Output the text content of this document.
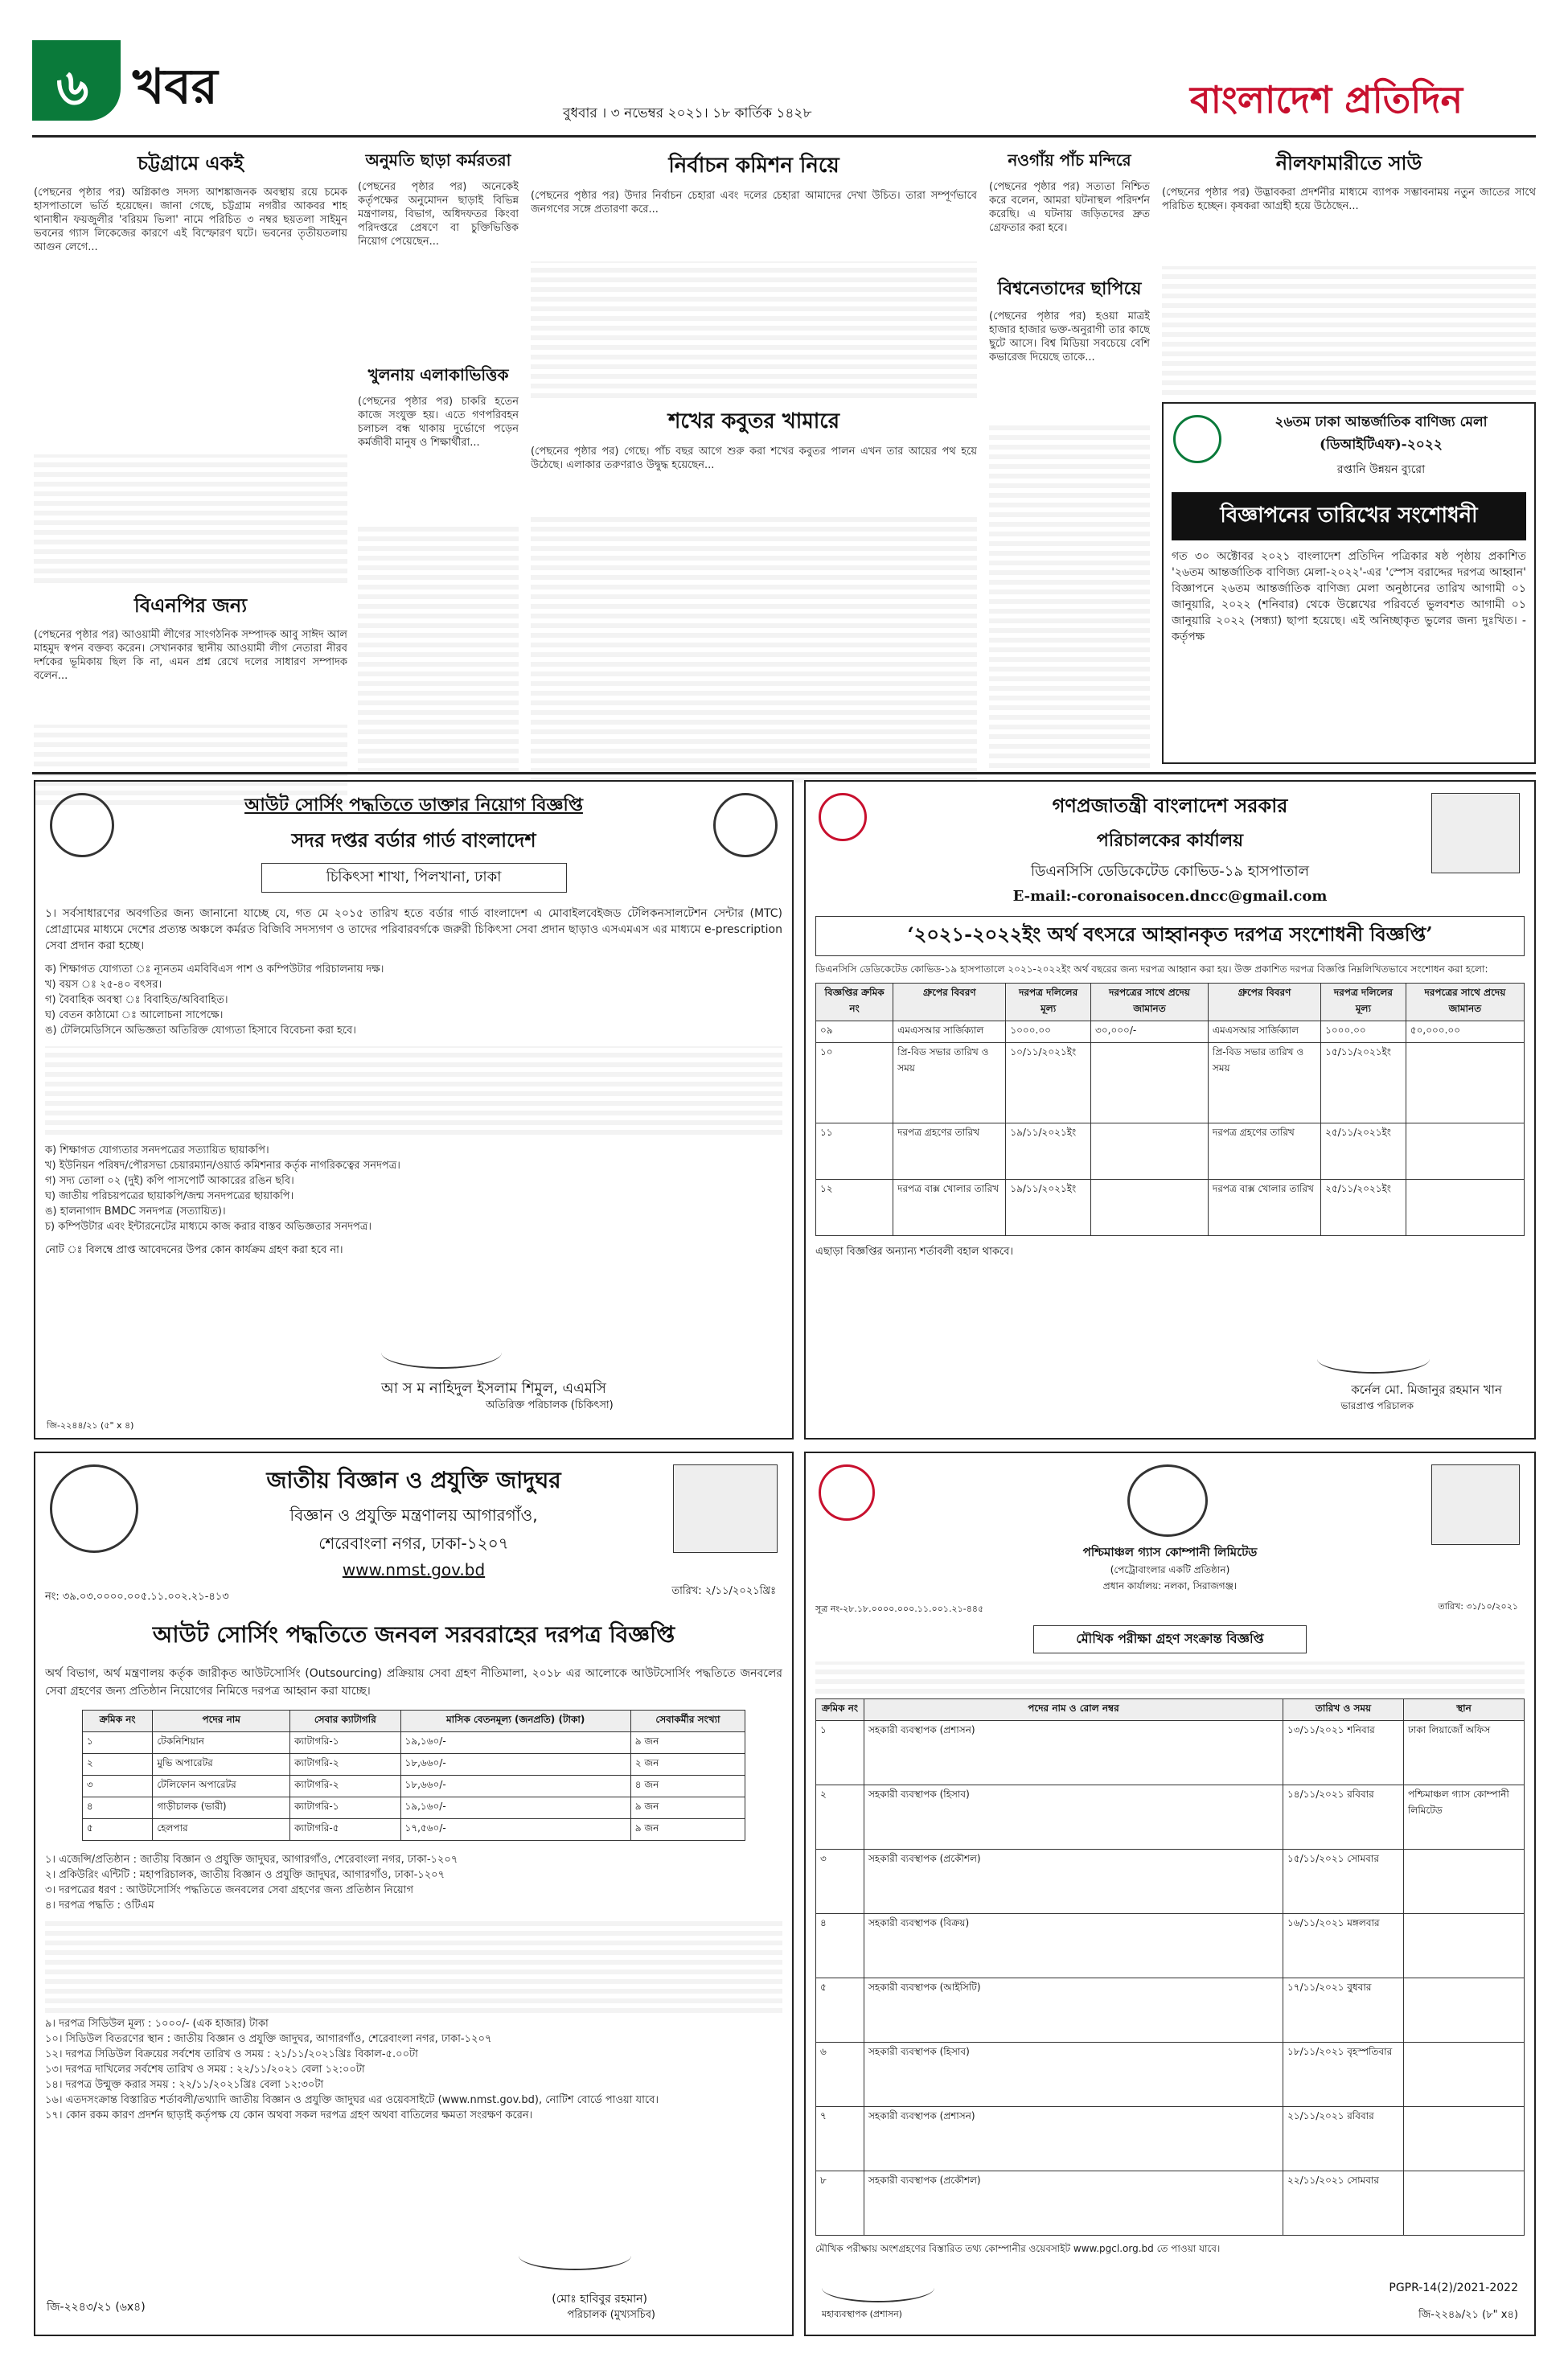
৬ খবর	বুধবার । ৩ নভেম্বর ২০২১। ১৮ কার্তিক ১৪২৮	বাংলাদেশ প্রতিদিন
চট্টগ্রামে একই
(পেছনের পৃষ্ঠার পর) অগ্নিকাণ্ড সদস্য আশঙ্কাজনক অবস্থায় রয়ে চমেক হাসপাতালে ভর্তি হয়েছেন। জানা গেছে, চট্টগ্রাম নগরীর আকবর শাহ থানাধীন ফয়জুলীর 'বরিয়ম ভিলা' নামে পরিচিত ৩ নম্বর ছয়তলা সাইমুন ভবনের গ্যাস লিকেজের কারণে এই বিস্ফোরণ ঘটে। ভবনের তৃতীয়তলায় আগুন লেগে...
বিএনপির জন্য
(পেছনের পৃষ্ঠার পর) আওয়ামী লীগের সাংগঠনিক সম্পাদক আবু সাঈদ আল মাহমুদ স্বপন বক্তব্য করেন। সেখানকার স্থানীয় আওয়ামী লীগ নেতারা নীরব দর্শকের ভূমিকায় ছিল কি না, এমন প্রশ্ন রেখে দলের সাধারণ সম্পাদক বলেন...
অনুমতি ছাড়া কর্মরতরা
(পেছনের পৃষ্ঠার পর) অনেকেই কর্তৃপক্ষের অনুমোদন ছাড়াই বিভিন্ন মন্ত্রণালয়, বিভাগ, অধিদফতর কিংবা পরিদপ্তরে প্রেষণে বা চুক্তিভিত্তিক নিয়োগ পেয়েছেন...
খুলনায় এলাকাভিত্তিক
(পেছনের পৃষ্ঠার পর) চাকরি হতেন কাজে সংযুক্ত হয়। এতে গণপরিবহন চলাচল বন্ধ থাকায় দুর্ভোগে পড়েন কর্মজীবী মানুষ ও শিক্ষার্থীরা...
নির্বাচন কমিশন নিয়ে
(পেছনের পৃষ্ঠার পর) উদার নির্বাচন চেহারা এবং দলের চেহারা আমাদের দেখা উচিত। তারা সম্পূর্ণভাবে জনগণের সঙ্গে প্রতারণা করে...
শখের কবুতর খামারে
(পেছনের পৃষ্ঠার পর) গেছে। পাঁচ বছর আগে শুরু করা শখের কবুতর পালন এখন তার আয়ের পথ হয়ে উঠেছে। এলাকার তরুণরাও উদ্বুদ্ধ হয়েছেন...
নওগাঁয় পাঁচ মন্দিরে
(পেছনের পৃষ্ঠার পর) সত্যতা নিশ্চিত করে বলেন, আমরা ঘটনাস্থল পরিদর্শন করেছি। এ ঘটনায় জড়িতদের দ্রুত গ্রেফতার করা হবে।
বিশ্বনেতাদের ছাপিয়ে
(পেছনের পৃষ্ঠার পর) হওয়া মাত্রই হাজার হাজার ভক্ত-অনুরাগী তার কাছে ছুটে আসে। বিশ্ব মিডিয়া সবচেয়ে বেশি কভারেজ দিয়েছে তাকে...
নীলফামারীতে সাউ
(পেছনের পৃষ্ঠার পর) উদ্ভাবকরা প্রদর্শনীর মাধ্যমে ব্যাপক সম্ভাবনাময় নতুন জাতের সাথে পরিচিত হচ্ছেন। কৃষকরা আগ্রহী হয়ে উঠেছেন...
২৬তম ঢাকা আন্তর্জাতিক বাণিজ্য মেলা (ডিআইটিএফ)-২০২২
রপ্তানি উন্নয়ন ব্যুরো
বিজ্ঞাপনের তারিখের সংশোধনী
গত ৩০ অক্টোবর ২০২১ বাংলাদেশ প্রতিদিন পত্রিকার ষষ্ঠ পৃষ্ঠায় প্রকাশিত '২৬তম আন্তর্জাতিক বাণিজ্য মেলা-২০২২'-এর 'স্পেস বরাদ্দের দরপত্র আহ্বান' বিজ্ঞাপনে ২৬তম আন্তর্জাতিক বাণিজ্য মেলা অনুষ্ঠানের তারিখ আগামী ০১ জানুয়ারি, ২০২২ (শনিবার) থেকে উল্লেখের পরিবর্তে ভুলবশত আগামী ০১ জানুয়ারি ২০২২ (সন্ধ্যা) ছাপা হয়েছে। এই অনিচ্ছাকৃত ভুলের জন্য দুঃখিত। - কর্তৃপক্ষ
আউট সোর্সিং পদ্ধতিতে ডাক্তার নিয়োগ বিজ্ঞপ্তি
সদর দপ্তর বর্ডার গার্ড বাংলাদেশ
চিকিৎসা শাখা, পিলখানা, ঢাকা
১। সর্বসাধারণের অবগতির জন্য জানানো যাচ্ছে যে, গত মে ২০১৫ তারিখ হতে বর্ডার গার্ড বাংলাদেশ এ মোবাইলবেইজড টেলিকনসালটেশন সেন্টার (MTC) প্রোগ্রামের মাধ্যমে দেশের প্রত্যন্ত অঞ্চলে কর্মরত বিজিবি সদস্যগণ ও তাদের পরিবারবর্গকে জরুরী চিকিৎসা সেবা প্রদান ছাড়াও এসএমএস এর মাধ্যমে e-prescription সেবা প্রদান করা হচ্ছে।
ক) শিক্ষাগত যোগ্যতা ঃ ন্যূনতম এমবিবিএস পাশ ও কম্পিউটার পরিচালনায় দক্ষ।
খ) বয়স ঃ ২৫-৪০ বৎসর।
গ) বৈবাহিক অবস্থা ঃ বিবাহিত/অবিবাহিত।
ঘ) বেতন কাঠামো ঃ আলোচনা সাপেক্ষে।
ঙ) টেলিমেডিসিনে অভিজ্ঞতা অতিরিক্ত যোগ্যতা হিসাবে বিবেচনা করা হবে।
ক) শিক্ষাগত যোগ্যতার সনদপত্রের সত্যায়িত ছায়াকপি।
খ) ইউনিয়ন পরিষদ/পৌরসভা চেয়ারম্যান/ওয়ার্ড কমিশনার কর্তৃক নাগরিকত্বের সনদপত্র।
গ) সদ্য তোলা ০২ (দুই) কপি পাসপোর্ট আকারের রঙিন ছবি।
ঘ) জাতীয় পরিচয়পত্রের ছায়াকপি/জন্ম সনদপত্রের ছায়াকপি।
ঙ) হালনাগাদ BMDC সনদপত্র (সত্যায়িত)।
চ) কম্পিউটার এবং ইন্টারনেটের মাধ্যমে কাজ করার বাস্তব অভিজ্ঞতার সনদপত্র।
নোট ঃ বিলম্বে প্রাপ্ত আবেদনের উপর কোন কার্যক্রম গ্রহণ করা হবে না।
আ স ম নাহিদুল ইসলাম শিমুল, এএমসি
অতিরিক্ত পরিচালক (চিকিৎসা)
জি-২২৪৪/২১ (৫" x ৪)
গণপ্রজাতন্ত্রী বাংলাদেশ সরকার
পরিচালকের কার্যালয়
ডিএনসিসি ডেডিকেটেড কোভিড-১৯ হাসপাতাল
E-mail:-coronaisocen.dncc@gmail.com
‘২০২১-২০২২ইং অর্থ বৎসরে আহ্বানকৃত দরপত্র সংশোধনী বিজ্ঞপ্তি’
ডিএনসিসি ডেডিকেটেড কোভিড-১৯ হাসপাতালে ২০২১-২০২২ইং অর্থ বছরের জন্য দরপত্র আহ্বান করা হয়। উক্ত প্রকাশিত দরপত্র বিজ্ঞপ্তি নিম্নলিখিতভাবে সংশোধন করা হলো:
বিজ্ঞপ্তির ক্রমিক নং	গ্রুপের বিবরণ	দরপত্র দলিলের মূল্য	দরপত্রের সাথে প্রদেয় জামানত	গ্রুপের বিবরণ	দরপত্র দলিলের মূল্য	দরপত্রের সাথে প্রদেয় জামানত
০৯	এমএসআর সার্জিক্যাল	১০০০.০০	৩০,০০০/-	এমএসআর সার্জিক্যাল	১০০০.০০	৫০,০০০.০০
১০	প্রি-বিড সভার তারিখ ও সময়	১০/১১/২০২১ইং		প্রি-বিড সভার তারিখ ও সময়	১৫/১১/২০২১ইং	
১১	দরপত্র গ্রহণের তারিখ	১৯/১১/২০২১ইং		দরপত্র গ্রহণের তারিখ	২৫/১১/২০২১ইং	
১২	দরপত্র বাক্স খোলার তারিখ	১৯/১১/২০২১ইং		দরপত্র বাক্স খোলার তারিখ	২৫/১১/২০২১ইং	
এছাড়া বিজ্ঞপ্তির অন্যান্য শর্তাবলী বহাল থাকবে।
কর্নেল মো. মিজানুর রহমান খান
ভারপ্রাপ্ত পরিচালক
জাতীয় বিজ্ঞান ও প্রযুক্তি জাদুঘর
বিজ্ঞান ও প্রযুক্তি মন্ত্রণালয় আগারগাঁও,
শেরেবাংলা নগর, ঢাকা-১২০৭
www.nmst.gov.bd
নং: ৩৯.০৩.০০০০.০০৫.১১.০০২.২১-৪১৩	তারিখ: ২/১১/২০২১খ্রিঃ
আউট সোর্সিং পদ্ধতিতে জনবল সরবরাহের দরপত্র বিজ্ঞপ্তি
অর্থ বিভাগ, অর্থ মন্ত্রণালয় কর্তৃক জারীকৃত আউটসোর্সিং (Outsourcing) প্রক্রিয়ায় সেবা গ্রহণ নীতিমালা, ২০১৮ এর আলোকে আউটসোর্সিং পদ্ধতিতে জনবলের সেবা গ্রহণের জন্য প্রতিষ্ঠান নিয়োগের নিমিত্তে দরপত্র আহ্বান করা যাচ্ছে।
ক্রমিক নং	পদের নাম	সেবার ক্যাটাগরি	মাসিক বেতনমূল্য (জনপ্রতি) (টাকা)	সেবাকর্মীর সংখ্যা
১	টেকনিশিয়ান	ক্যাটাগরি-১	১৯,১৬০/-	৯ জন
২	মুভি অপারেটর	ক্যাটাগরি-২	১৮,৬৬০/-	২ জন
৩	টেলিফোন অপারেটর	ক্যাটাগরি-২	১৮,৬৬০/-	৪ জন
৪	গাড়ীচালক (ভারী)	ক্যাটাগরি-১	১৯,১৬০/-	৯ জন
৫	হেলপার	ক্যাটাগরি-৫	১৭,৫৬০/-	৯ জন
১। এজেন্সি/প্রতিষ্ঠান : জাতীয় বিজ্ঞান ও প্রযুক্তি জাদুঘর, আগারগাঁও, শেরেবাংলা নগর, ঢাকা-১২০৭
২। প্রকিউরিং এন্টিটি : মহাপরিচালক, জাতীয় বিজ্ঞান ও প্রযুক্তি জাদুঘর, আগারগাঁও, ঢাকা-১২০৭
৩। দরপত্রের ধরণ : আউটসোর্সিং পদ্ধতিতে জনবলের সেবা গ্রহণের জন্য প্রতিষ্ঠান নিয়োগ
৪। দরপত্র পদ্ধতি : ওটিএম
৯। দরপত্র সিডিউল মূল্য : ১০০০/- (এক হাজার) টাকা
১০। সিডিউল বিতরণের স্থান : জাতীয় বিজ্ঞান ও প্রযুক্তি জাদুঘর, আগারগাঁও, শেরেবাংলা নগর, ঢাকা-১২০৭
১২। দরপত্র সিডিউল বিক্রয়ের সর্বশেষ তারিখ ও সময় : ২১/১১/২০২১খ্রিঃ বিকাল-৫.০০টা
১৩। দরপত্র দাখিলের সর্বশেষ তারিখ ও সময় : ২২/১১/২০২১ বেলা ১২:০০টা
১৪। দরপত্র উন্মুক্ত করার সময় : ২২/১১/২০২১খ্রিঃ বেলা ১২:৩০টা
১৬। এতদসংক্রান্ত বিস্তারিত শর্তাবলী/তথ্যাদি জাতীয় বিজ্ঞান ও প্রযুক্তি জাদুঘর এর ওয়েবসাইটে (www.nmst.gov.bd), নোটিশ বোর্ডে পাওয়া যাবে।
১৭। কোন রকম কারণ প্রদর্শন ছাড়াই কর্তৃপক্ষ যে কোন অথবা সকল দরপত্র গ্রহণ অথবা বাতিলের ক্ষমতা সংরক্ষণ করেন।
(মোঃ হাবিবুর রহমান)
পরিচালক (মুখ্যসচিব)
জি-২২৪৩/২১ (৬x৪)
পশ্চিমাঞ্চল গ্যাস কোম্পানী লিমিটেড
(পেট্রোবাংলার একটি প্রতিষ্ঠান)
প্রধান কার্যালয়: নলকা, সিরাজগঞ্জ।
সূত্র নং-২৮.১৮.০০০০.০০০.১১.০০১.২১-৪৪৫	তারিখ: ৩১/১০/২০২১
মৌখিক পরীক্ষা গ্রহণ সংক্রান্ত বিজ্ঞপ্তি
ক্রমিক নং	পদের নাম ও রোল নম্বর	তারিখ ও সময়	স্থান
১	সহকারী ব্যবস্থাপক (প্রশাসন)	১৩/১১/২০২১ শনিবার	ঢাকা লিয়াজোঁ অফিস
২	সহকারী ব্যবস্থাপক (হিসাব)	১৪/১১/২০২১ রবিবার	পশ্চিমাঞ্চল গ্যাস কোম্পানী লিমিটেড
৩	সহকারী ব্যবস্থাপক (প্রকৌশল)	১৫/১১/২০২১ সোমবার	
৪	সহকারী ব্যবস্থাপক (বিক্রয়)	১৬/১১/২০২১ মঙ্গলবার	
৫	সহকারী ব্যবস্থাপক (আইসিটি)	১৭/১১/২০২১ বুধবার	
৬	সহকারী ব্যবস্থাপক (হিসাব)	১৮/১১/২০২১ বৃহস্পতিবার	
৭	সহকারী ব্যবস্থাপক (প্রশাসন)	২১/১১/২০২১ রবিবার	
৮	সহকারী ব্যবস্থাপক (প্রকৌশল)	২২/১১/২০২১ সোমবার	
মৌখিক পরীক্ষায় অংশগ্রহণের বিস্তারিত তথ্য কোম্পানীর ওয়েবসাইট www.pgcl.org.bd তে পাওয়া যাবে।
মহাব্যবস্থাপক (প্রশাসন)
PGPR-14(2)/2021-2022
জি-২২৪৯/২১ (৮" x৪)
